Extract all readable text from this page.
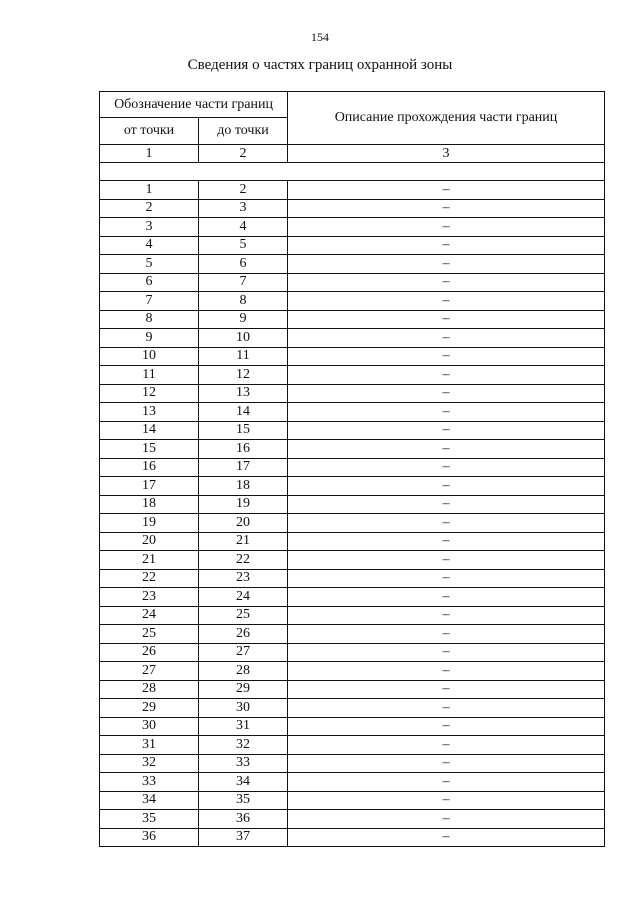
154
Сведения о частях границ охранной зоны
Обозначение части границ		Описание прохождения части границ
от точки	до точки	
1	2	3

1	2	–
2	3	–
3	4	–
4	5	–
5	6	–
6	7	–
7	8	–
8	9	–
9	10	–
10	11	–
11	12	–
12	13	–
13	14	–
14	15	–
15	16	–
16	17	–
17	18	–
18	19	–
19	20	–
20	21	–
21	22	–
22	23	–
23	24	–
24	25	–
25	26	–
26	27	–
27	28	–
28	29	–
29	30	–
30	31	–
31	32	–
32	33	–
33	34	–
34	35	–
35	36	–
36	37	–
